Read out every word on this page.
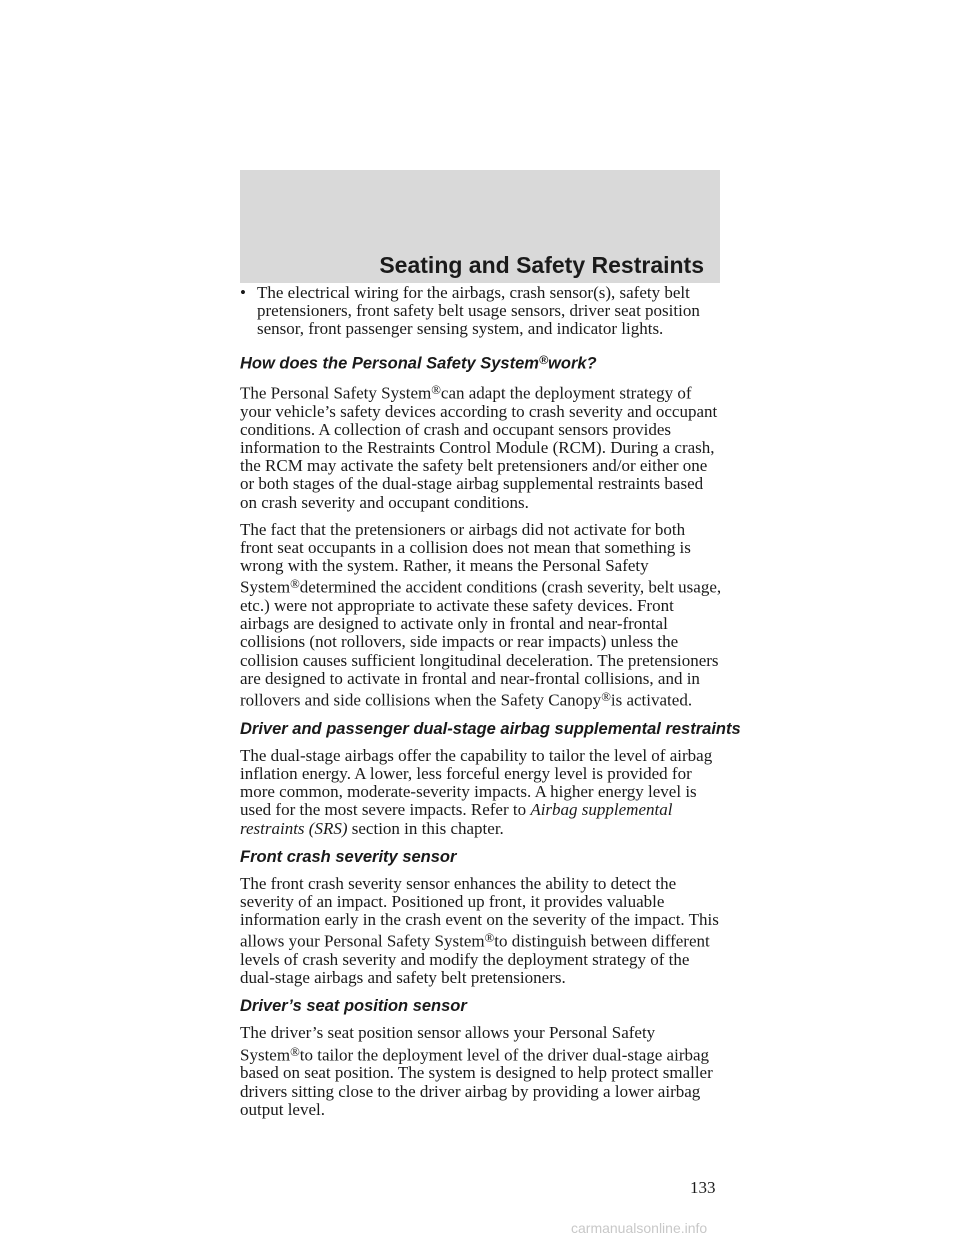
Seating and Safety Restraints
• The electrical wiring for the airbags, crash sensor(s), safety belt pretensioners, front safety belt usage sensors, driver seat position sensor, front passenger sensing system, and indicator lights.
How does the Personal Safety System®work?

The Personal Safety System®can adapt the deployment strategy of your vehicle’s safety devices according to crash severity and occupant conditions. A collection of crash and occupant sensors provides information to the Restraints Control Module (RCM). During a crash, the RCM may activate the safety belt pretensioners and/or either one or both stages of the dual-stage airbag supplemental restraints based on crash severity and occupant conditions.

The fact that the pretensioners or airbags did not activate for both front seat occupants in a collision does not mean that something is wrong with the system. Rather, it means the Personal Safety System®determined the accident conditions (crash severity, belt usage, etc.) were not appropriate to activate these safety devices. Front airbags are designed to activate only in frontal and near-frontal collisions (not rollovers, side impacts or rear impacts) unless the collision causes sufficient longitudinal deceleration. The pretensioners are designed to activate in frontal and near-frontal collisions, and in rollovers and side collisions when the Safety Canopy®is activated.

Driver and passenger dual-stage airbag supplemental restraints

The dual-stage airbags offer the capability to tailor the level of airbag inflation energy. A lower, less forceful energy level is provided for more common, moderate-severity impacts. A higher energy level is used for the most severe impacts. Refer to Airbag supplemental restraints (SRS) section in this chapter.

Front crash severity sensor

The front crash severity sensor enhances the ability to detect the severity of an impact. Positioned up front, it provides valuable information early in the crash event on the severity of the impact. This allows your Personal Safety System®to distinguish between different levels of crash severity and modify the deployment strategy of the dual-stage airbags and safety belt pretensioners.

Driver’s seat position sensor

The driver’s seat position sensor allows your Personal Safety System®to tailor the deployment level of the driver dual-stage airbag based on seat position. The system is designed to help protect smaller drivers sitting close to the driver airbag by providing a lower airbag output level.

133
carmanualsonline.info
